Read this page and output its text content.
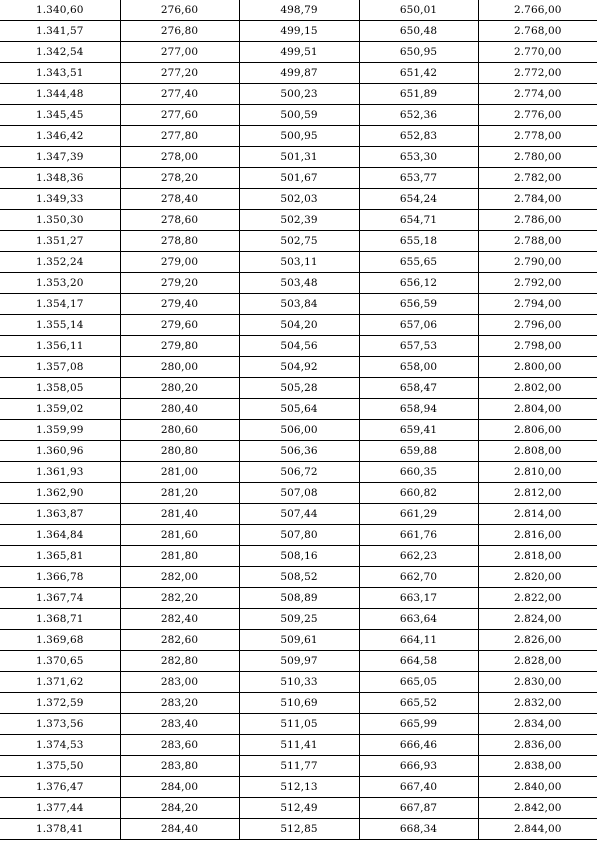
1.340,60	276,60	498,79	650,01	2.766,00
1.341,57	276,80	499,15	650,48	2.768,00
1.342,54	277,00	499,51	650,95	2.770,00
1.343,51	277,20	499,87	651,42	2.772,00
1.344,48	277,40	500,23	651,89	2.774,00
1.345,45	277,60	500,59	652,36	2.776,00
1.346,42	277,80	500,95	652,83	2.778,00
1.347,39	278,00	501,31	653,30	2.780,00
1.348,36	278,20	501,67	653,77	2.782,00
1.349,33	278,40	502,03	654,24	2.784,00
1.350,30	278,60	502,39	654,71	2.786,00
1.351,27	278,80	502,75	655,18	2.788,00
1.352,24	279,00	503,11	655,65	2.790,00
1.353,20	279,20	503,48	656,12	2.792,00
1.354,17	279,40	503,84	656,59	2.794,00
1.355,14	279,60	504,20	657,06	2.796,00
1.356,11	279,80	504,56	657,53	2.798,00
1.357,08	280,00	504,92	658,00	2.800,00
1.358,05	280,20	505,28	658,47	2.802,00
1.359,02	280,40	505,64	658,94	2.804,00
1.359,99	280,60	506,00	659,41	2.806,00
1.360,96	280,80	506,36	659,88	2.808,00
1.361,93	281,00	506,72	660,35	2.810,00
1.362,90	281,20	507,08	660,82	2.812,00
1.363,87	281,40	507,44	661,29	2.814,00
1.364,84	281,60	507,80	661,76	2.816,00
1.365,81	281,80	508,16	662,23	2.818,00
1.366,78	282,00	508,52	662,70	2.820,00
1.367,74	282,20	508,89	663,17	2.822,00
1.368,71	282,40	509,25	663,64	2.824,00
1.369,68	282,60	509,61	664,11	2.826,00
1.370,65	282,80	509,97	664,58	2.828,00
1.371,62	283,00	510,33	665,05	2.830,00
1.372,59	283,20	510,69	665,52	2.832,00
1.373,56	283,40	511,05	665,99	2.834,00
1.374,53	283,60	511,41	666,46	2.836,00
1.375,50	283,80	511,77	666,93	2.838,00
1.376,47	284,00	512,13	667,40	2.840,00
1.377,44	284,20	512,49	667,87	2.842,00
1.378,41	284,40	512,85	668,34	2.844,00
